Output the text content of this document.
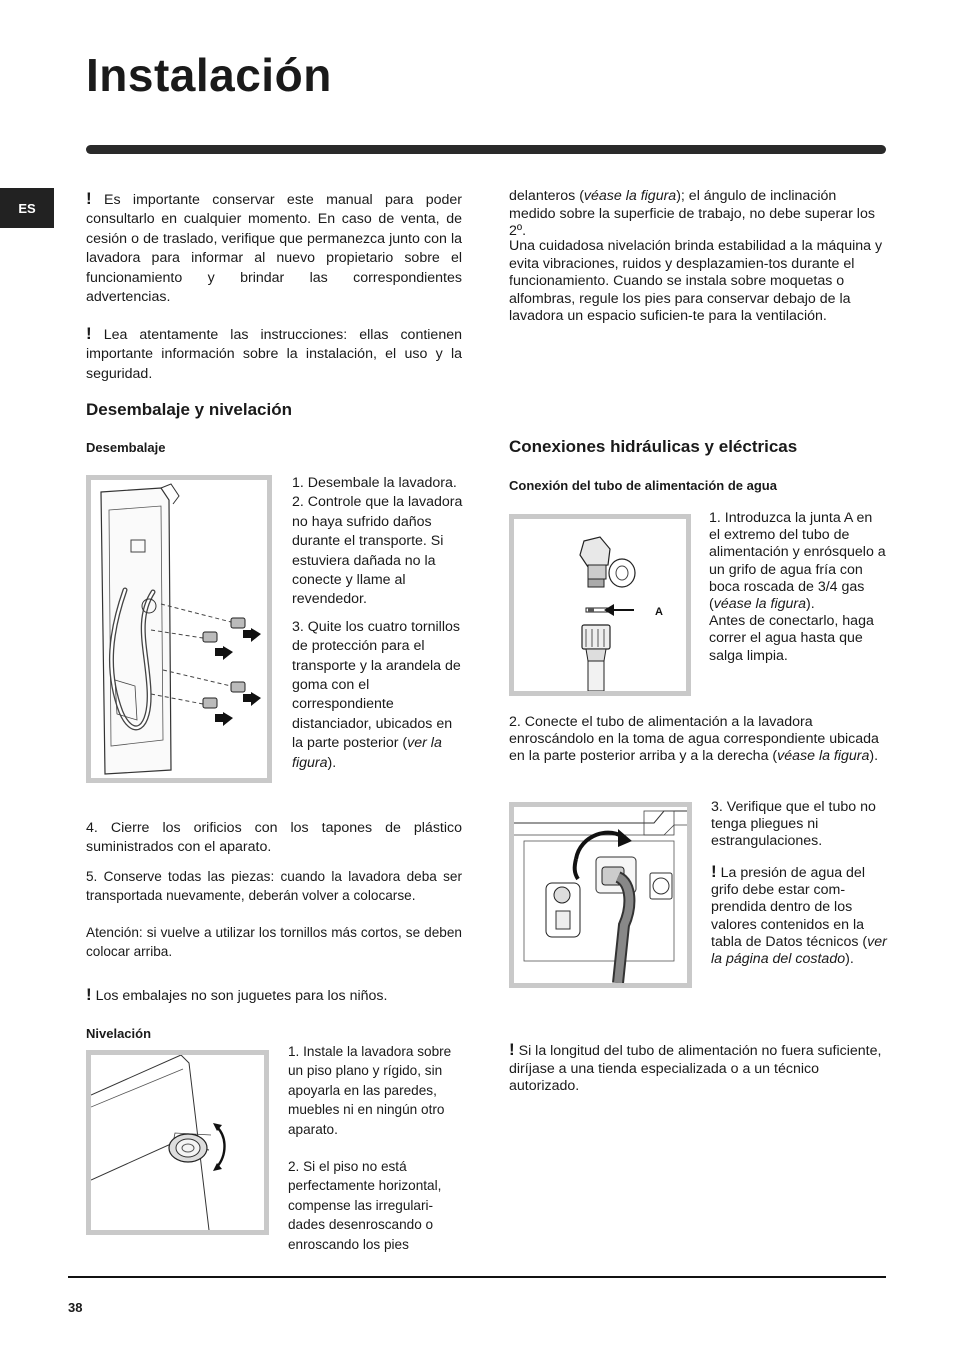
Instalación
ES	! Es importante conservar este manual para poder consultarlo en cualquier momento. En caso de venta, de cesión o de traslado, verifique que permanezca junto con la lavadora para informar al nuevo propietario sobre el funcionamiento y brindar las correspondientes advertencias.

! Lea atentamente las instrucciones: ellas contienen importante información sobre la instalación, el uso y la seguridad.

Desembalaje y nivelación
Desembalaje

1. Desembale la lavadora.

2. Controle que la lavadora no haya sufrido daños durante el transporte. Si estuviera dañada no la conecte y llame al revendedor.

3. Quite los cuatro tornillos de protección para el transporte y la arandela de goma con el correspondiente distanciador, ubicados en la parte posterior (ver la figura).

4. Cierre los orificios con los tapones de plástico suministrados con el aparato.

5. Conserve todas las piezas: cuando la lavadora deba ser transportada nuevamente, deberán volver a colocarse.

Atención: si vuelve a utilizar los tornillos más cortos, se deben colocar arriba.

! Los embalajes no son juguetes para los niños.

Nivelación

1. Instale la lavadora sobre un piso plano y rígido, sin apoyarla en las paredes, muebles ni en ningún otro aparato.

2. Si el piso no está perfectamente horizontal, compense las irregulari-dades desenroscando o enroscando los pies

delanteros (véase la figura); el ángulo de inclinación medido sobre la superficie de trabajo, no debe superar los 2º.

Una cuidadosa nivelación brinda estabilidad a la máquina y evita vibraciones, ruidos y desplazamien-tos durante el funcionamiento. Cuando se instala sobre moquetas o alfombras, regule los pies para conservar debajo de la lavadora un espacio suficien-te para la ventilación.

Conexiones hidráulicas y eléctricas
Conexión del tubo de alimentación de agua
A

1. Introduzca la junta A en el extremo del tubo de alimentación y enrósquelo a un grifo de agua fría con boca roscada de 3/4 gas (véase la figura).

Antes de conectarlo, haga correr el agua hasta que salga limpia.

2. Conecte el tubo de alimentación a la lavadora enroscándolo en la toma de agua correspondiente ubicada en la parte posterior arriba y a la derecha (véase la figura).

3. Verifique que el tubo no tenga pliegues ni estrangulaciones.

! La presión de agua del grifo debe estar com-prendida dentro de los valores contenidos en la tabla de Datos técnicos (ver la página del costado).

! Si la longitud del tubo de alimentación no fuera suficiente, diríjase a una tienda especializada o a un técnico autorizado.

38
